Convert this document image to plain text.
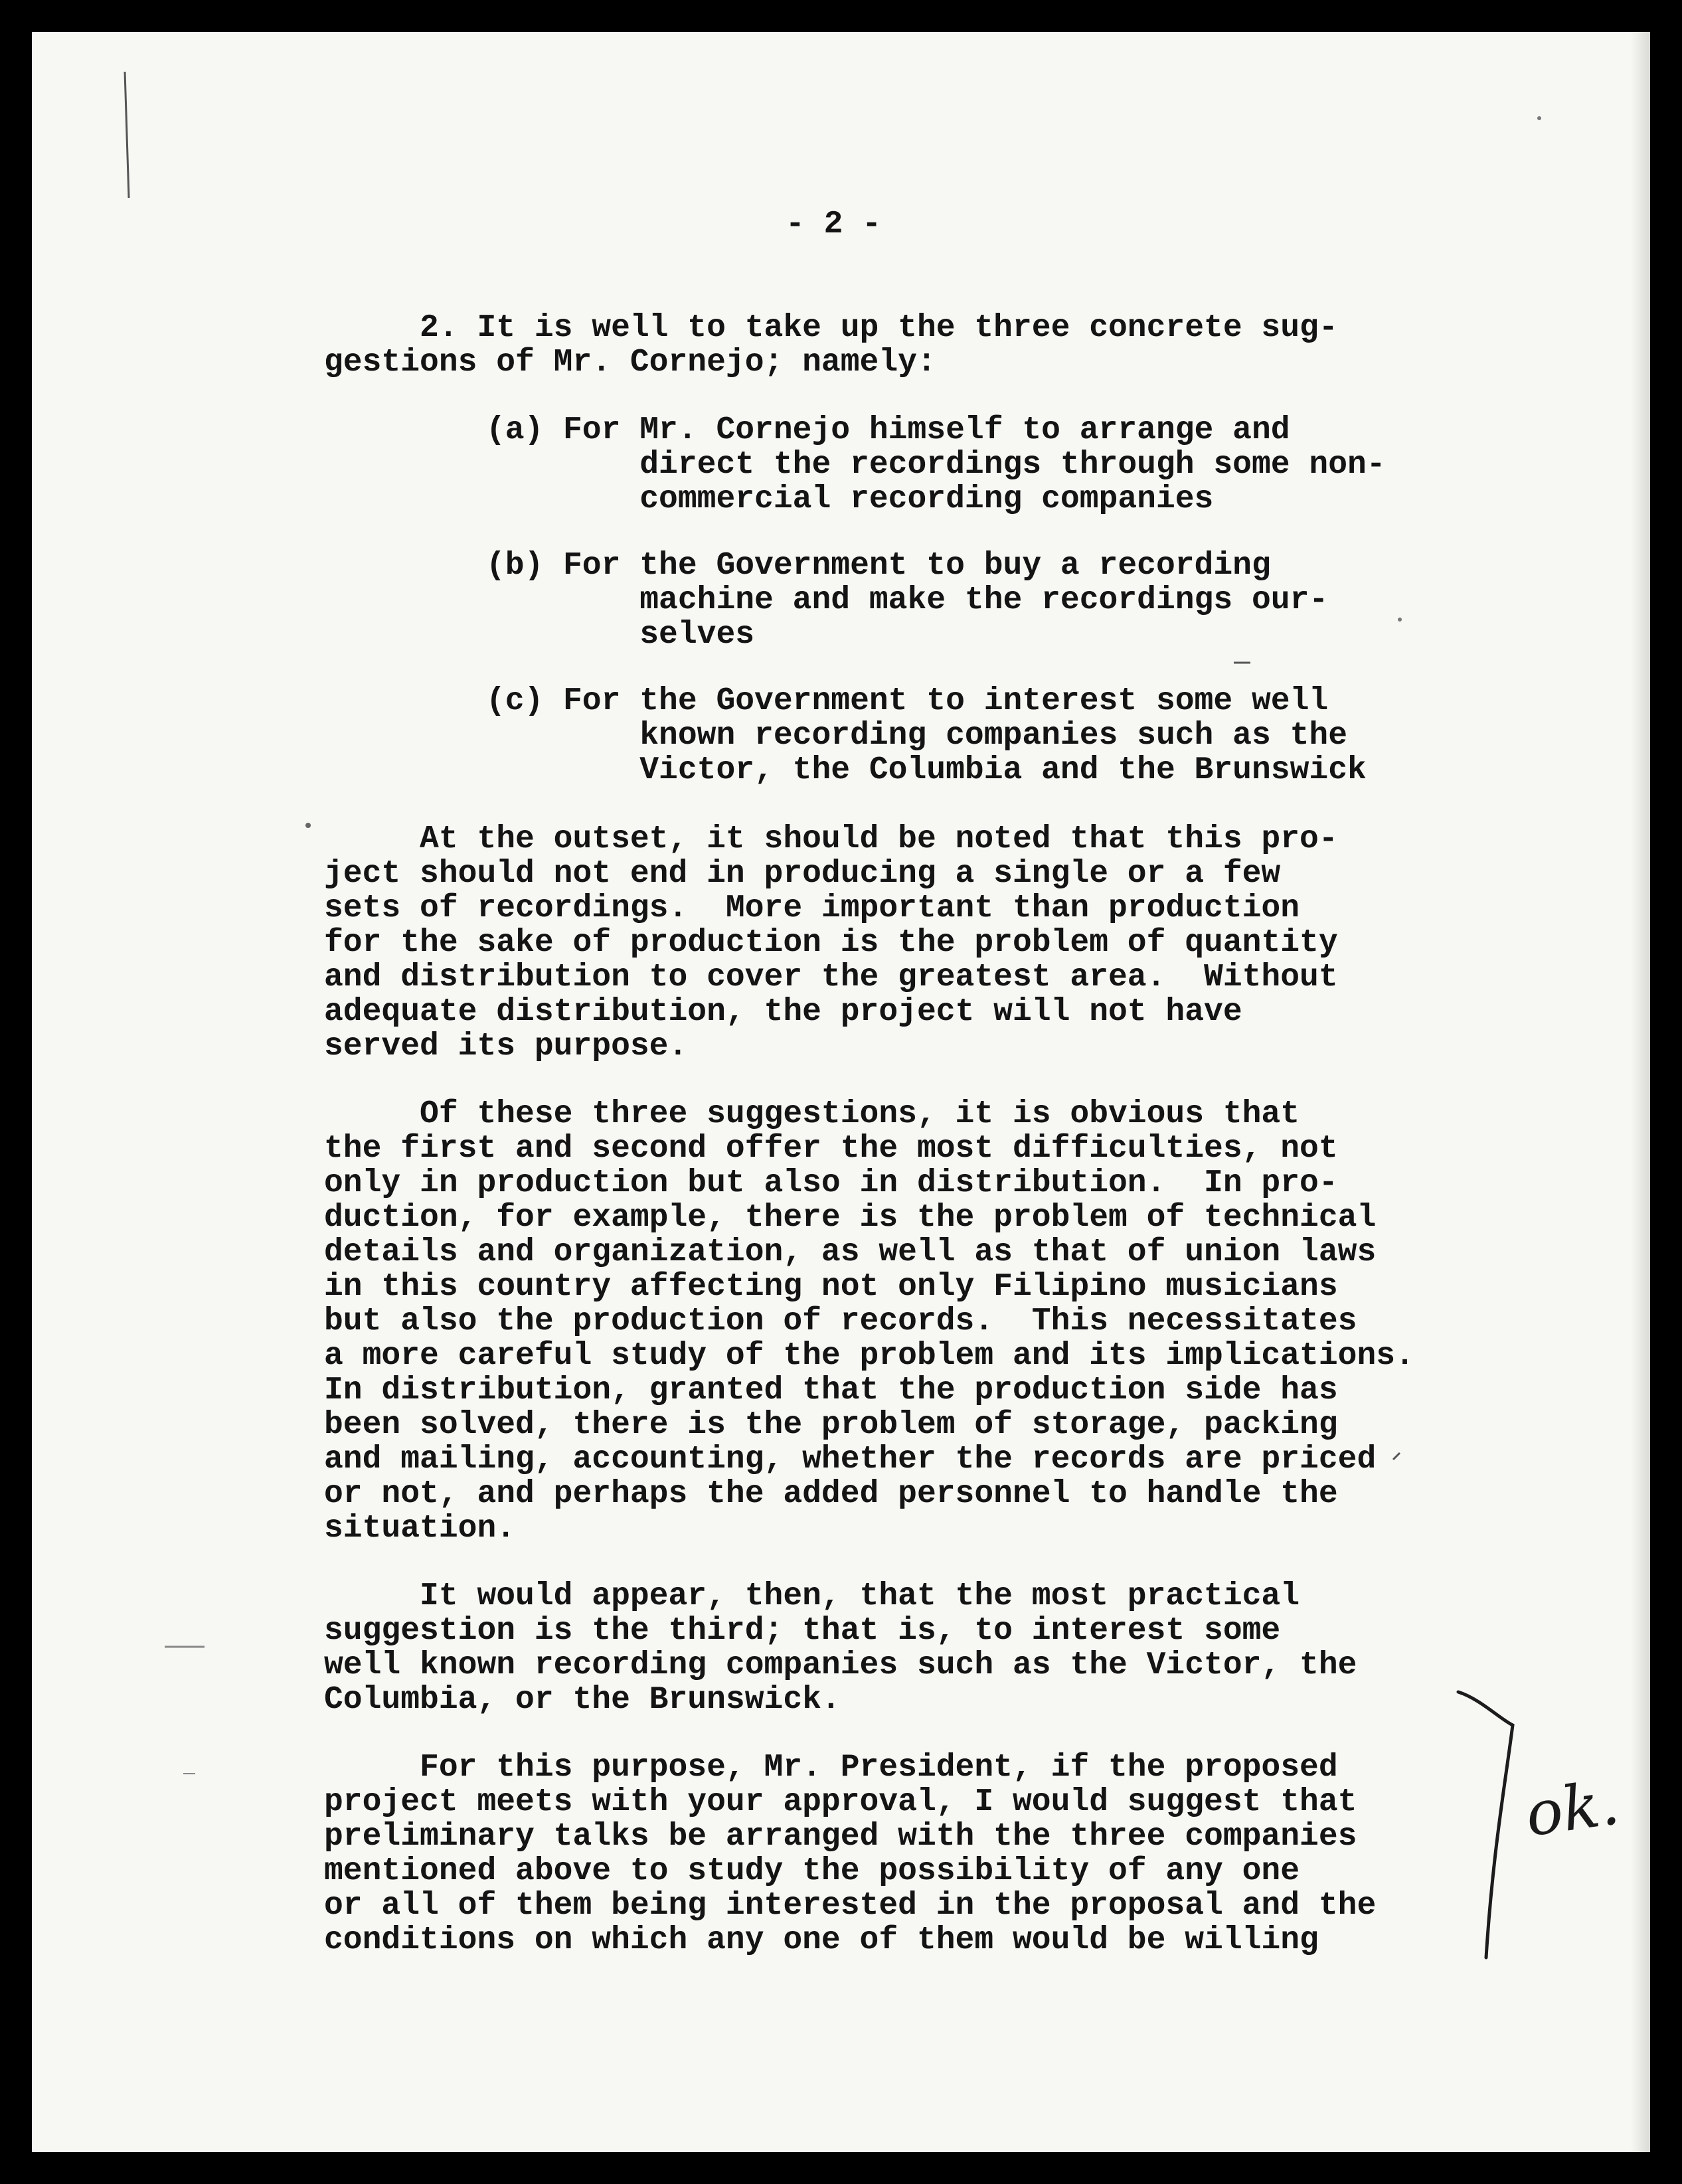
- 2 -
2. It is well to take up the three concrete sug-
gestions of Mr. Cornejo; namely:
(a) For Mr. Cornejo himself to arrange and
direct the recordings through some non-
commercial recording companies
(b) For the Government to buy a recording
machine and make the recordings our-
selves
(c) For the Government to interest some well
known recording companies such as the
Victor, the Columbia and the Brunswick
At the outset, it should be noted that this pro-
ject should not end in producing a single or a few
sets of recordings.  More important than production
for the sake of production is the problem of quantity
and distribution to cover the greatest area.  Without
adequate distribution, the project will not have
served its purpose.
Of these three suggestions, it is obvious that
the first and second offer the most difficulties, not
only in production but also in distribution.  In pro-
duction, for example, there is the problem of technical
details and organization, as well as that of union laws
in this country affecting not only Filipino musicians
but also the production of records.  This necessitates
a more careful study of the problem and its implications.
In distribution, granted that the production side has
been solved, there is the problem of storage, packing
and mailing, accounting, whether the records are priced
or not, and perhaps the added personnel to handle the
situation.
It would appear, then, that the most practical
suggestion is the third; that is, to interest some
well known recording companies such as the Victor, the
Columbia, or the Brunswick.
For this purpose, Mr. President, if the proposed
project meets with your approval, I would suggest that
preliminary talks be arranged with the three companies
mentioned above to study the possibility of any one
or all of them being interested in the proposal and the
conditions on which any one of them would be willing
ok.
